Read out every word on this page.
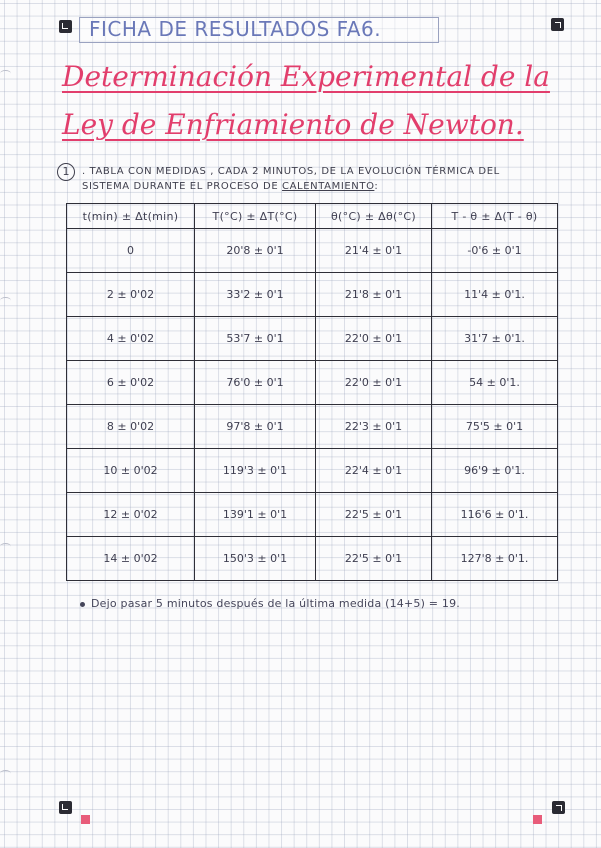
FICHA DE RESULTADOS FA6.
Determinación Experimental de la
Ley de Enfriamiento de Newton.
1	. TABLA CON MEDIDAS , CADA 2 MINUTOS, DE LA EVOLUCIÓN TÉRMICA DEL
SISTEMA DURANTE EL PROCESO DE CALENTAMIENTO:
t(min) ± Δt(min)	T(°C) ± ΔT(°C)	θ(°C) ± Δθ(°C)	T - θ ± Δ(T - θ)
0	20'8 ± 0'1	21'4 ± 0'1	-0'6 ± 0'1
2 ± 0'02	33'2 ± 0'1	21'8 ± 0'1	11'4 ± 0'1.
4 ± 0'02	53'7 ± 0'1	22'0 ± 0'1	31'7 ± 0'1.
6 ± 0'02	76'0 ± 0'1	22'0 ± 0'1	54 ± 0'1.
8 ± 0'02	97'8 ± 0'1	22'3 ± 0'1	75'5 ± 0'1
10 ± 0'02	119'3 ± 0'1	22'4 ± 0'1	96'9 ± 0'1.
12 ± 0'02	139'1 ± 0'1	22'5 ± 0'1	116'6 ± 0'1.
14 ± 0'02	150'3 ± 0'1	22'5 ± 0'1	127'8 ± 0'1.
Dejo pasar 5 minutos después de la última medida (14+5) = 19.
